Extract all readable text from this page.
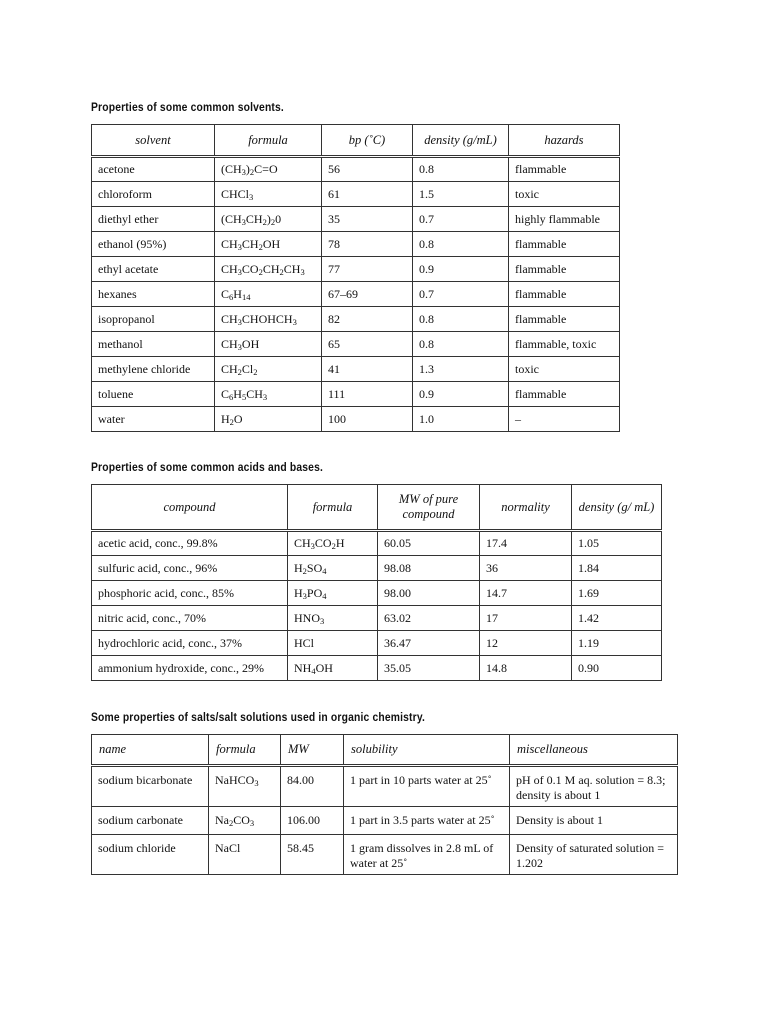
Properties of some common solvents.
solvent	formula	bp (˚C)	density (g/mL)	hazards
acetone	$(CH_3)_2C=O$	56	0.8	flammable
chloroform	CHCl$_3$	61	1.5	toxic
diethyl ether	$(CH_3CH_2)_20$	35	0.7	highly flammable
ethanol (95%)	$CH_3CH_2OH$	78	0.8	flammable
ethyl acetate	$CH_3CO_2CH_2CH_3$	77	0.9	flammable
hexanes	$C_6H_{14}$	67–69	0.7	flammable
isopropanol	$CH_3CHOHCH_3$	82	0.8	flammable
methanol	$CH_3OH$	65	0.8	flammable, toxic
methylene chloride	$CH_2Cl_2$	41	1.3	toxic
toluene	$C_6H_5CH_3$	111	0.9	flammable
water	$H_2O$	100	1.0	–
Properties of some common acids and bases.
compound	formula	MW of pure compound	normality	density (g/ mL)
acetic acid, conc., 99.8%	$CH_3CO_2H$	60.05	17.4	1.05
sulfuric acid, conc., 96%	$H_2SO_4$	98.08	36	1.84
phosphoric acid, conc., 85%	$H_3PO_4$	98.00	14.7	1.69
nitric acid, conc., 70%	$HNO_3$	63.02	17	1.42
hydrochloric acid, conc., 37%	HCl	36.47	12	1.19
ammonium hydroxide, conc., 29%	$NH_4OH$	35.05	14.8	0.90
Some properties of salts/salt solutions used in organic chemistry.
name	formula	MW	solubility	miscellaneous
sodium bicarbonate	NaHCO$_3$	84.00	1 part in 10 parts water at 25˚	pH of 0.1 M aq. solution = 8.3; density is about 1
sodium carbonate	$Na_2CO_3$	106.00	1 part in 3.5 parts water at 25˚	Density is about 1
sodium chloride	NaCl	58.45	1 gram dissolves in 2.8 mL of water at 25˚	Density of saturated solution = 1.202
